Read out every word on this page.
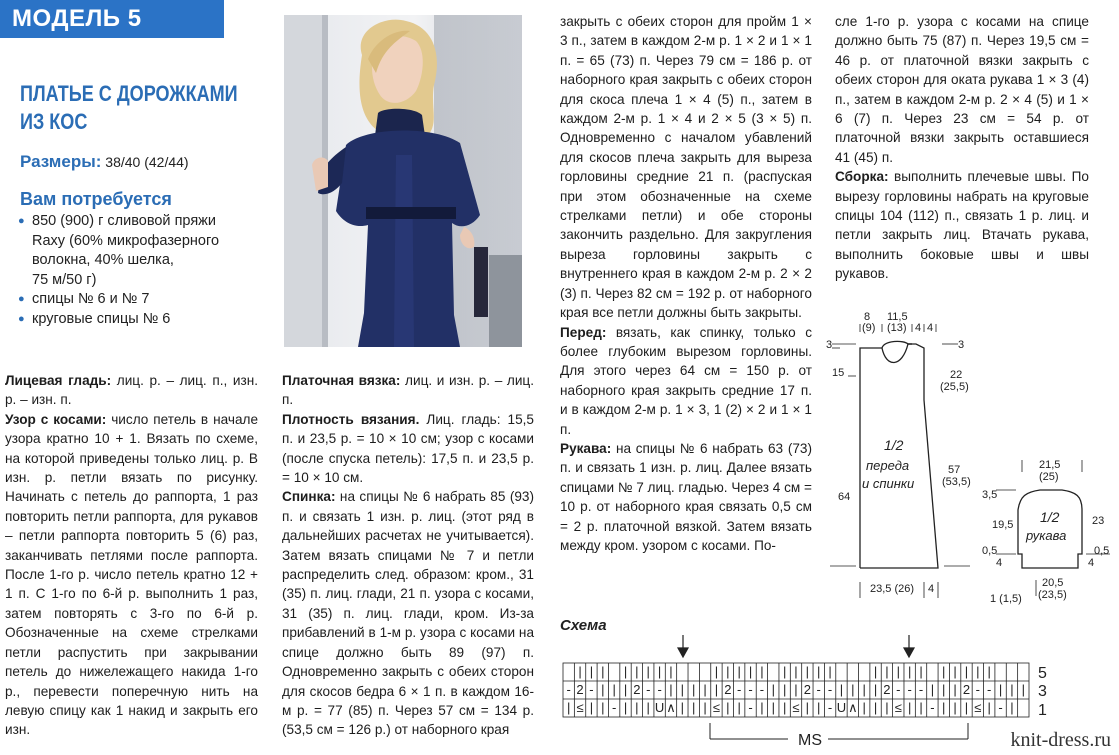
МОДЕЛЬ 5
ПЛАТЬЕ С ДОРОЖКАМИ
ИЗ КОС
Размеры: 38/40 (42/44)
Вам потребуется
● 850 (900) г сливовой пряжи
Raxy (60% микрофазерного
волокна, 40% шелка,
75 м/50 г)
● спицы № 6 и № 7
● круговые спицы № 6

Лицевая гладь: лиц. р. – лиц. п., изн. р. – изн. п.

Узор с косами: число петель в начале узора кратно 10 + 1. Вязать по схеме, на которой приведены только лиц. р. В изн. р. петли вязать по рисунку. Начинать с петель до раппорта, 1 раз повторить петли раппорта, для рукавов – петли раппорта повторить 5 (6) раз, заканчивать петлями после раппорта. После 1-го р. число петель кратно 12 + 1 п. С 1-го по 6-й р. выполнить 1 раз, затем повторять с 3-го по 6-й р. Обозначенные на схеме стрелками петли распустить при закрывании петель до нижележащего накида 1-го р., перевести поперечную нить на левую спицу как 1 накид и закрыть его изн.

Платочная вязка: лиц. и изн. р. – лиц. п.

Плотность вязания. Лиц. гладь: 15,5 п. и 23,5 р. = 10 × 10 см; узор с косами (после спуска петель): 17,5 п. и 23,5 р. = 10 × 10 см.

Спинка: на спицы № 6 набрать 85 (93) п. и связать 1 изн. р. лиц. (этот ряд в дальнейших расчетах не учитывается). Затем вязать спицами № 7 и петли распределить след. образом: кром., 31 (35) п. лиц. глади, 21 п. узора с косами, 31 (35) п. лиц. глади, кром. Из-за прибавлений в 1-м р. узора с косами на спице должно быть 89 (97) п. Одновременно закрыть с обеих сторон для скосов бедра 6 × 1 п. в каждом 16-м р. = 77 (85) п. Через 57 см = 134 р. (53,5 см = 126 р.) от наборного края

закрыть с обеих сторон для пройм 1 × 3 п., затем в каждом 2-м р. 1 × 2 и 1 × 1 п. = 65 (73) п. Через 79 см = 186 р. от наборного края закрыть с обеих сторон для скоса плеча 1 × 4 (5) п., затем в каждом 2-м р. 1 × 4 и 2 × 5 (3 × 5) п. Одновременно с началом убавлений для скосов плеча закрыть для выреза горловины средние 21 п. (распуская при этом обозначенные на схеме стрелками петли) и обе стороны закончить раздельно. Для закругления выреза горловины закрыть с внутреннего края в каждом 2-м р. 2 × 2 (3) п. Через 82 см = 192 р. от наборного края все петли должны быть закрыты.

Перед: вязать, как спинку, только с более глубоким вырезом горловины. Для этого через 64 см = 150 р. от наборного края закрыть средние 17 п. и в каждом 2-м р. 1 × 3, 1 (2) × 2 и 1 × 1 п.

Рукава: на спицы № 6 набрать 63 (73) п. и связать 1 изн. р. лиц. Далее вязать спицами № 7 лиц. гладью. Через 4 см = 10 р. от наборного края связать 0,5 см = 2 р. платочной вязкой. Затем вязать между кром. узором с косами. По-

сле 1-го р. узора с косами на спице должно быть 75 (87) п. Через 19,5 см = 46 р. от платочной вязки закрыть с обеих сторон для оката рукава 1 × 3 (4) п., затем в каждом 2-м р. 2 × 4 (5) и 1 × 6 (7) п. Через 23 см = 54 р. от платочной вязки закрыть оставшиеся 41 (45) п.

Сборка: выполнить плечевые швы. По вырезу горловины набрать на круговые спицы 104 (112) п., связать 1 р. лиц. и петли закрыть лиц. Втачать рукава, выполнить боковые швы и швы рукавов.

8
(9)
11,5
(13) 4 4
3	3
15	22
(25,5)
64
57
(53,5)
23,5 (26) 4
1/2
переда
и спинки
21,5
(25)
3,5
19,5
0,5
4
23
0,5
4
20,5
(23,5)
1 (1,5)
1/2
рукава
Схема
| | | | | | | |	| | | | | | | | | |	| | | | | | | | | |
- 2 - | | | 2 - - | | | | | 2 - - - | | | 2 - - | | | | 2 - - - | | | 2 - - | | |
| ≤ | | - | | | U ∧ | | | ≤ | | - | | | ≤ | | - U ∧ | | | ≤ | | - | | | ≤ | - |
5
3
1
MS	knit-dress.ru
